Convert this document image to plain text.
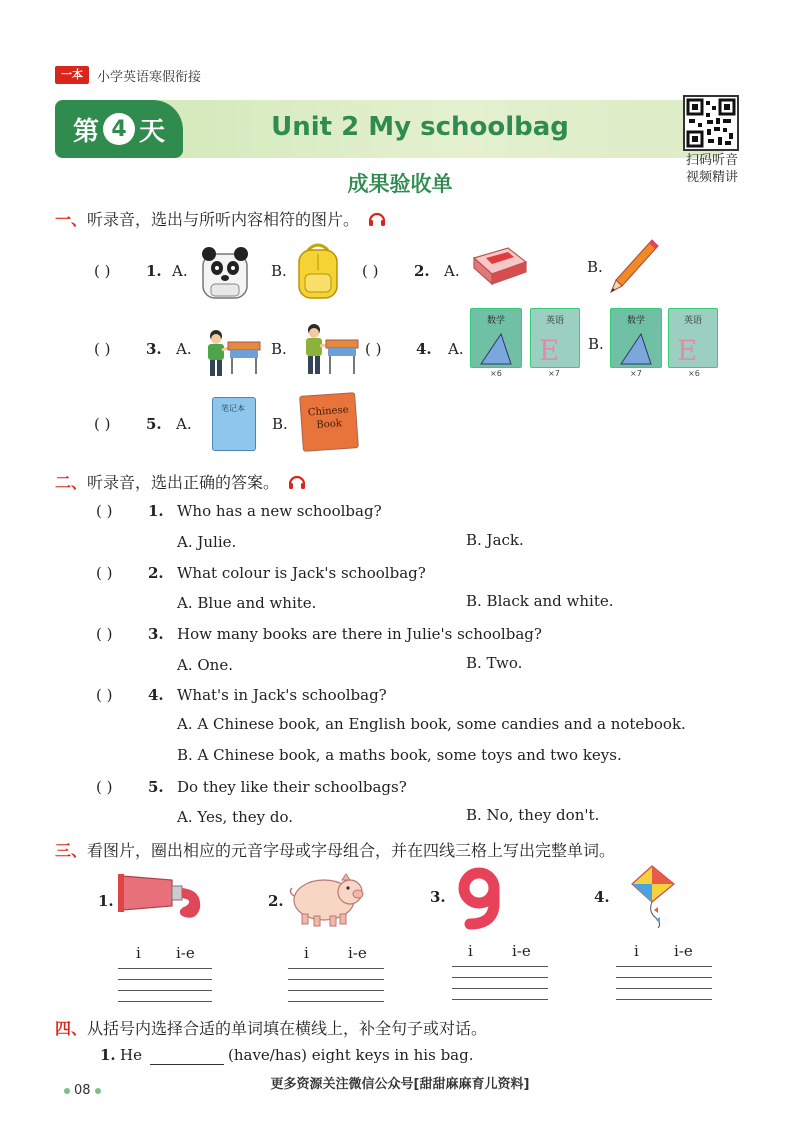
一本	小学英语寒假衔接
第 4 天	Unit 2 My schoolbag
扫码听音
视频精讲
成果验收单
一、听录音，选出与所听内容相符的图片。
( ) 1. A.	B.	( ) 2. A.	B.
( ) 3. A.	B.	( ) 4. A.
数学
×6
英语
E
×7
B.
数学
×7
英语
E
×6
( ) 5. A.
笔记本
B.
Chinese Book
二、听录音，选出正确的答案。
( ) 1. Who has a new schoolbag?
A. Julie.	B. Jack.
( ) 2. What colour is Jack's schoolbag?
A. Blue and white.	B. Black and white.
( ) 3. How many books are there in Julie's schoolbag?
A. One.	B. Two.
( ) 4. What's in Jack's schoolbag?
A. A Chinese book, an English book, some candies and a notebook.
B. A Chinese book, a maths book, some toys and two keys.
( ) 5. Do they like their schoolbags?
A. Yes, they do.	B. No, they don't.
三、看图片，圈出相应的元音字母或字母组合，并在四线三格上写出完整单词。
1.
i i-e
2.
i	i-e
3.
i	i-e
4.
i i-e
四、从括号内选择合适的单词填在横线上，补全句子或对话。
1. He	(have/has) eight keys in his bag.
08	更多资源关注微信公众号[甜甜麻麻育儿资料]
